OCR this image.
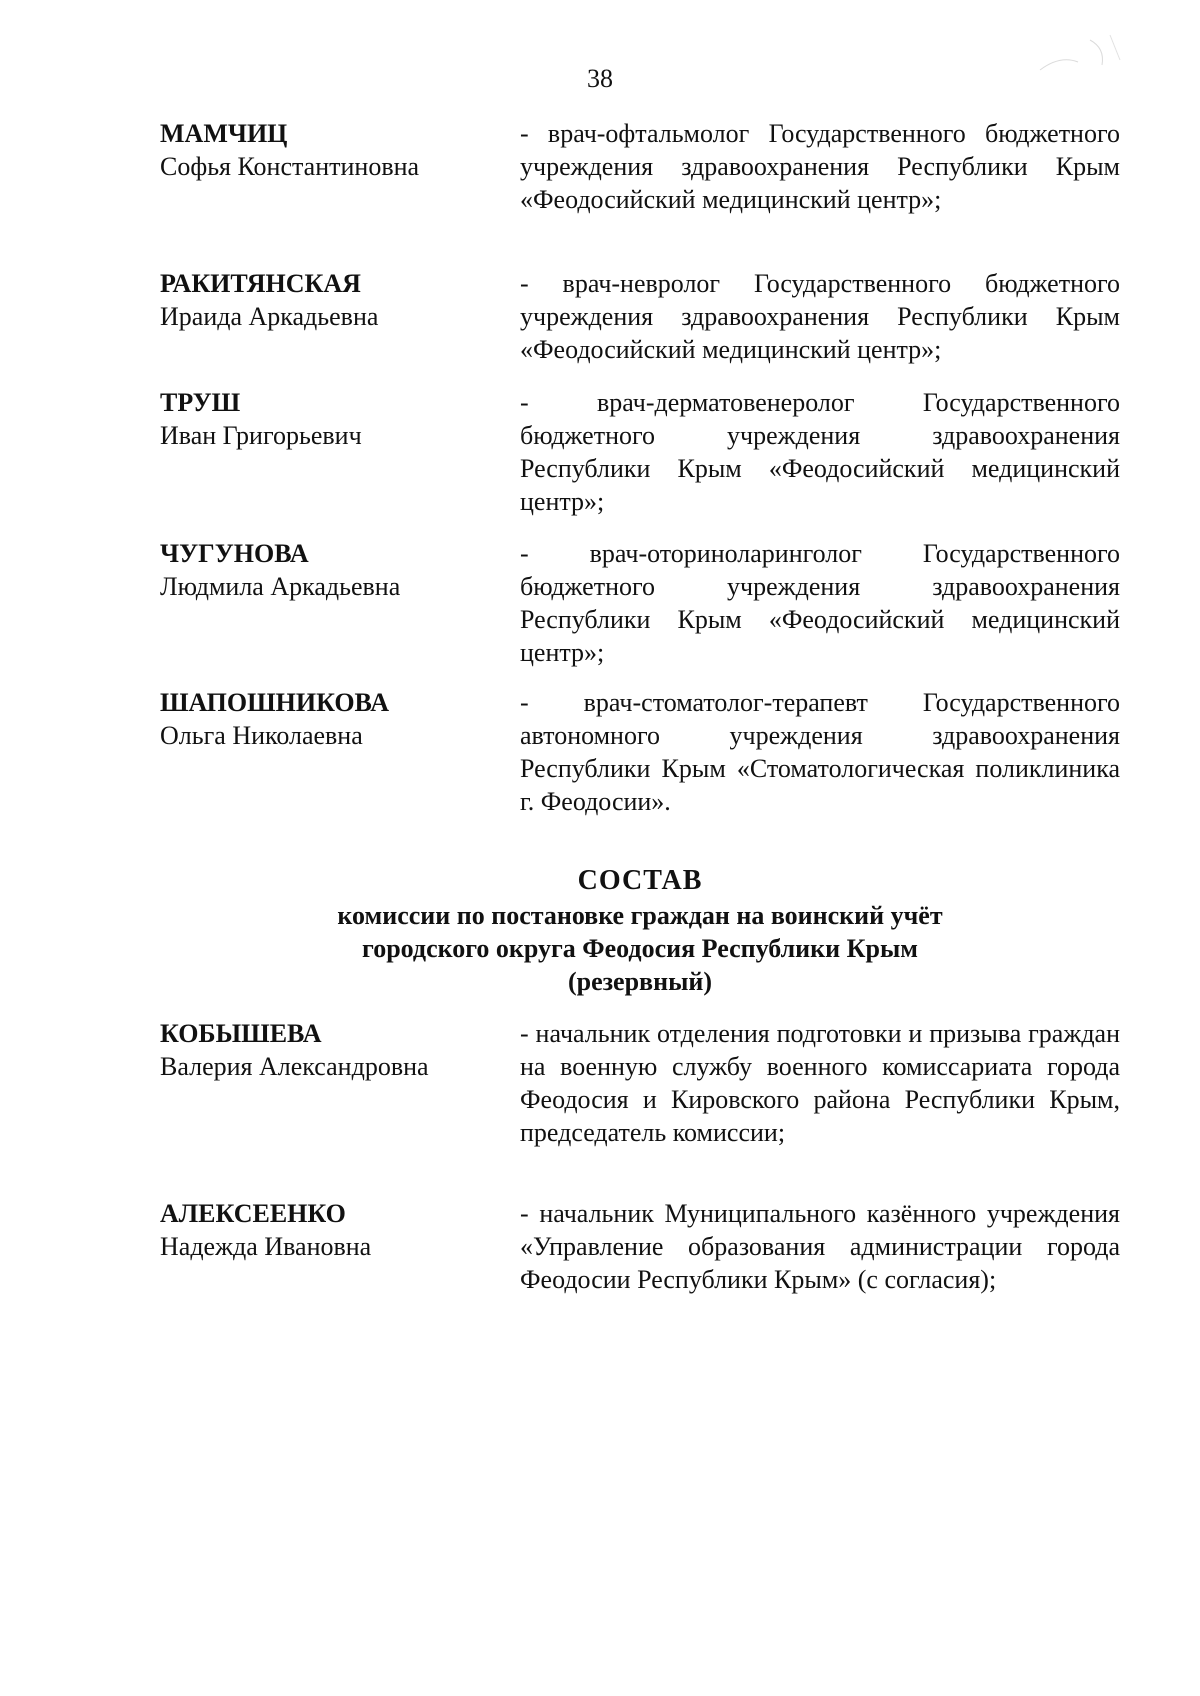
38
МАМЧИЦ
Софья Константиновна
- врач-офтальмолог Государственного бюджетного учреждения здравоохранения Республики Крым «Феодосийский медицинский центр»;
РАКИТЯНСКАЯ
Ираида Аркадьевна
- врач-невролог Государственного бюджетного учреждения здравоохранения Республики Крым «Феодосийский медицинский центр»;
ТРУШ
Иван Григорьевич
- врач-дерматовенеролог Государственного бюджетного учреждения здравоохранения Республики Крым «Феодосийский медицинский центр»;
ЧУГУНОВА
Людмила Аркадьевна
- врач-оториноларинголог Государственного бюджетного учреждения здравоохранения Республики Крым «Феодосийский медицинский центр»;
ШАПОШНИКОВА
Ольга Николаевна
- врач-стоматолог-терапевт Государственного автономного учреждения здравоохранения Республики Крым «Стоматологическая поликлиника г. Феодосии».
СОСТАВ
комиссии по постановке граждан на воинский учёт
городского округа Феодосия Республики Крым
(резервный)
КОБЫШЕВА
Валерия Александровна
- начальник отделения подготовки и призыва граждан на военную службу военного комиссариата города Феодосия и Кировского района Республики Крым, председатель комиссии;
АЛЕКСЕЕНКО
Надежда Ивановна
- начальник Муниципального казённого учреждения «Управление образования администрации города Феодосии Республики Крым» (с согласия);
